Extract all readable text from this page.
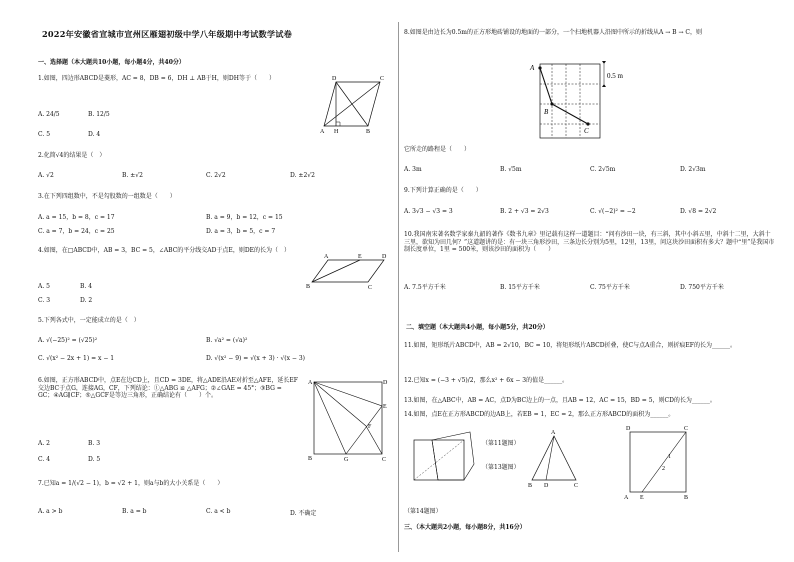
2022年安徽省宣城市宣州区雁翅初级中学八年级期中考试数学试卷
一、选择题（本大题共10小题，每小题4分，共40分）
1.如图，四边形ABCD是菱形，AC = 8，DB = 6，DH ⊥ AB于H，则DH等于（　　）
A. 24/5	B. 12/5
C. 5	D. 4
D	C
A H	B
2.化简√4的结果是（　）
A. √2	B. ±√2	C. 2√2	D. ±2√2
3.在下列四组数中，不是勾股数的一组数是（　　）
A. a = 15，b = 8，c = 17	B. a = 9，b = 12，c = 15
C. a = 7，b = 24，c = 25	D. a = 3，b = 5，c = 7
4.如图，在□ABCD中，AB = 3，BC = 5，∠ABC的平分线交AD于点E，则DE的长为（　）
A. 5	B. 4
C. 3	D. 2
A	E	D
B	C
5.下列各式中，一定能成立的是（　）
A. √(−25)² = (√25)²	B. √a² = (√a)²
C. √(x² − 2x + 1) = x − 1	D. √(x² − 9) = √(x + 3) · √(x − 3)
6.如图，正方形ABCD中，点E在边CD上，且CD = 3DE，将△ADE沿AE对折至△AFE，延长EF交边BC于点G，连接AG，CF，下列结论：①△ABG ≌ △AFG；②∠GAE = 45°；③BG = GC；④AG∥CF；⑤△GCF是等边三角形，正确结论有（　　）个。
A. 2	B. 3
C. 4	D. 5
A	D
E
F
B	G	C
7.已知a = 1/(√2 − 1)，b = √2 + 1，则a与b的大小关系是（　　）
A. a > b	B. a = b	C. a < b	D. 不确定
8.如图是由边长为0.5m的正方形地砖铺设的地面的一部分，一个扫地机器人沿图中所示的折线从A → B → C，则
A
B
C
0.5 m
它所走的路程是（　　）
A. 3m	B. √5m	C. 2√5m	D. 2√3m
9.下列计算正确的是（　　）
A. 3√3 − √3 = 3	B. 2 + √3 = 2√3	C. √(−2)² = −2	D. √8 = 2√2
10.我国南宋著名数学家秦九韶的著作《数书九章》里记载有这样一道题目：“问有沙田一块，有三斜，其中小斜五里，中斜十二里，大斜十三里，欲知为田几何？”这道题讲的是：有一块三角形沙田，三条边长分别为5里，12里，13里，问这块沙田面积有多大？题中“里”是我国市制长度单位，1里 = 500米，则该沙田的面积为（　　）
A. 7.5平方千米	B. 15平方千米	C. 75平方千米	D. 750平方千米
二、填空题（本大题共4小题，每小题5分，共20分）
11.如图，矩形纸片ABCD中，AB = 2√10，BC = 10，将矩形纸片ABCD折叠，使C与点A重合，则折痕EF的长为______。
12.已知x = (−3 + √5)/2，那么x² + 6x − 3的值是______。
13.如图，在△ABC中，AB = AC，点D为BC边上的一点，且AB = 12，AC = 15，BD = 5，则CD的长为______。
14.如图，点E在正方形ABCD的边AB上，若EB = 1，EC = 2，那么正方形ABCD的面积为______。
（第11题图）
（第13题图）
A
B D	C
D	C
A E	B
1
2
（第14题图）
三、（本大题共2小题，每小题8分，共16分）
